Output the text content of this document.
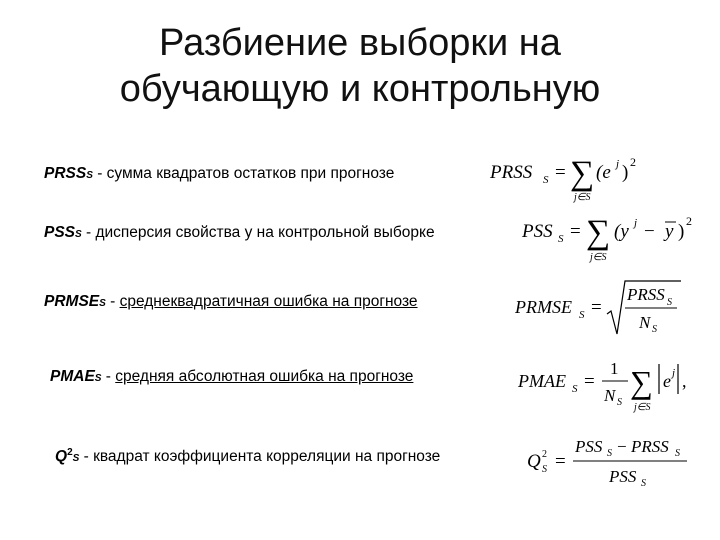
Разбиение выборки на
обучающую и контрольную
PRSSS - сумма квадратов остатков при прогнозе	PRSS S = ∑
j∈S
(e j ) 2
PSSS - дисперсия свойства у на контрольной выборке	PSS S = ∑
j∈S
(y j − y ) 2
PRMSES - среднеквадратичная ошибка на прогнозе	PRMSE S =
PRSS S
N S
PMAES - средняя абсолютная ошибка на прогнозе	PMAE S =
1
N S
∑
j∈S
e j ,
$Q^2S$ - квадрат коэффициента корреляции на прогнозе	Q 2
S =
PSS S − PRSS S
PSS S
